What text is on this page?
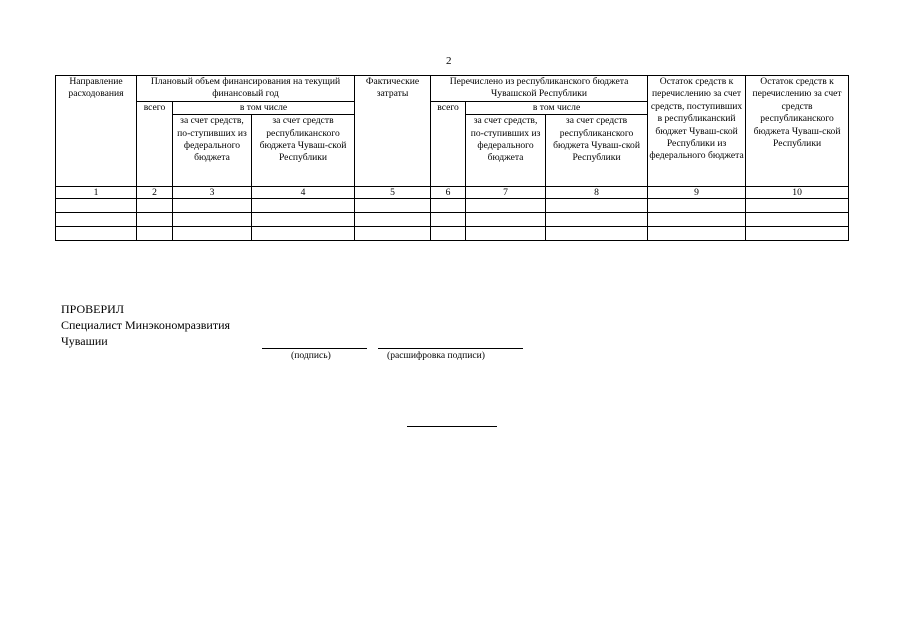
2
Направление расходования	Плановый объем финансирования на текущий финансовый год			Фактические затраты	Перечислено из республиканского бюджета Чувашской Республики			Остаток средств к перечислению за счет средств, поступивших в республиканский бюджет Чуваш-ской Республики из федерального бюджета	Остаток средств к перечислению за счет средств республиканского бюджета Чуваш-ской Республики
	всего	в том числе			всего	в том числе			
		за счет средств, по-ступивших из федерального бюджета	за счет средств республиканского бюджета Чуваш-ской Республики			за счет средств, по-ступивших из федерального бюджета	за счет средств республиканского бюджета Чуваш-ской Республики		
1	2	3	4	5	6	7	8	9	10

ПРОВЕРИЛ
Специалист Минэкономразвития
Чувашии
(подпись)	(расшифровка подписи)
